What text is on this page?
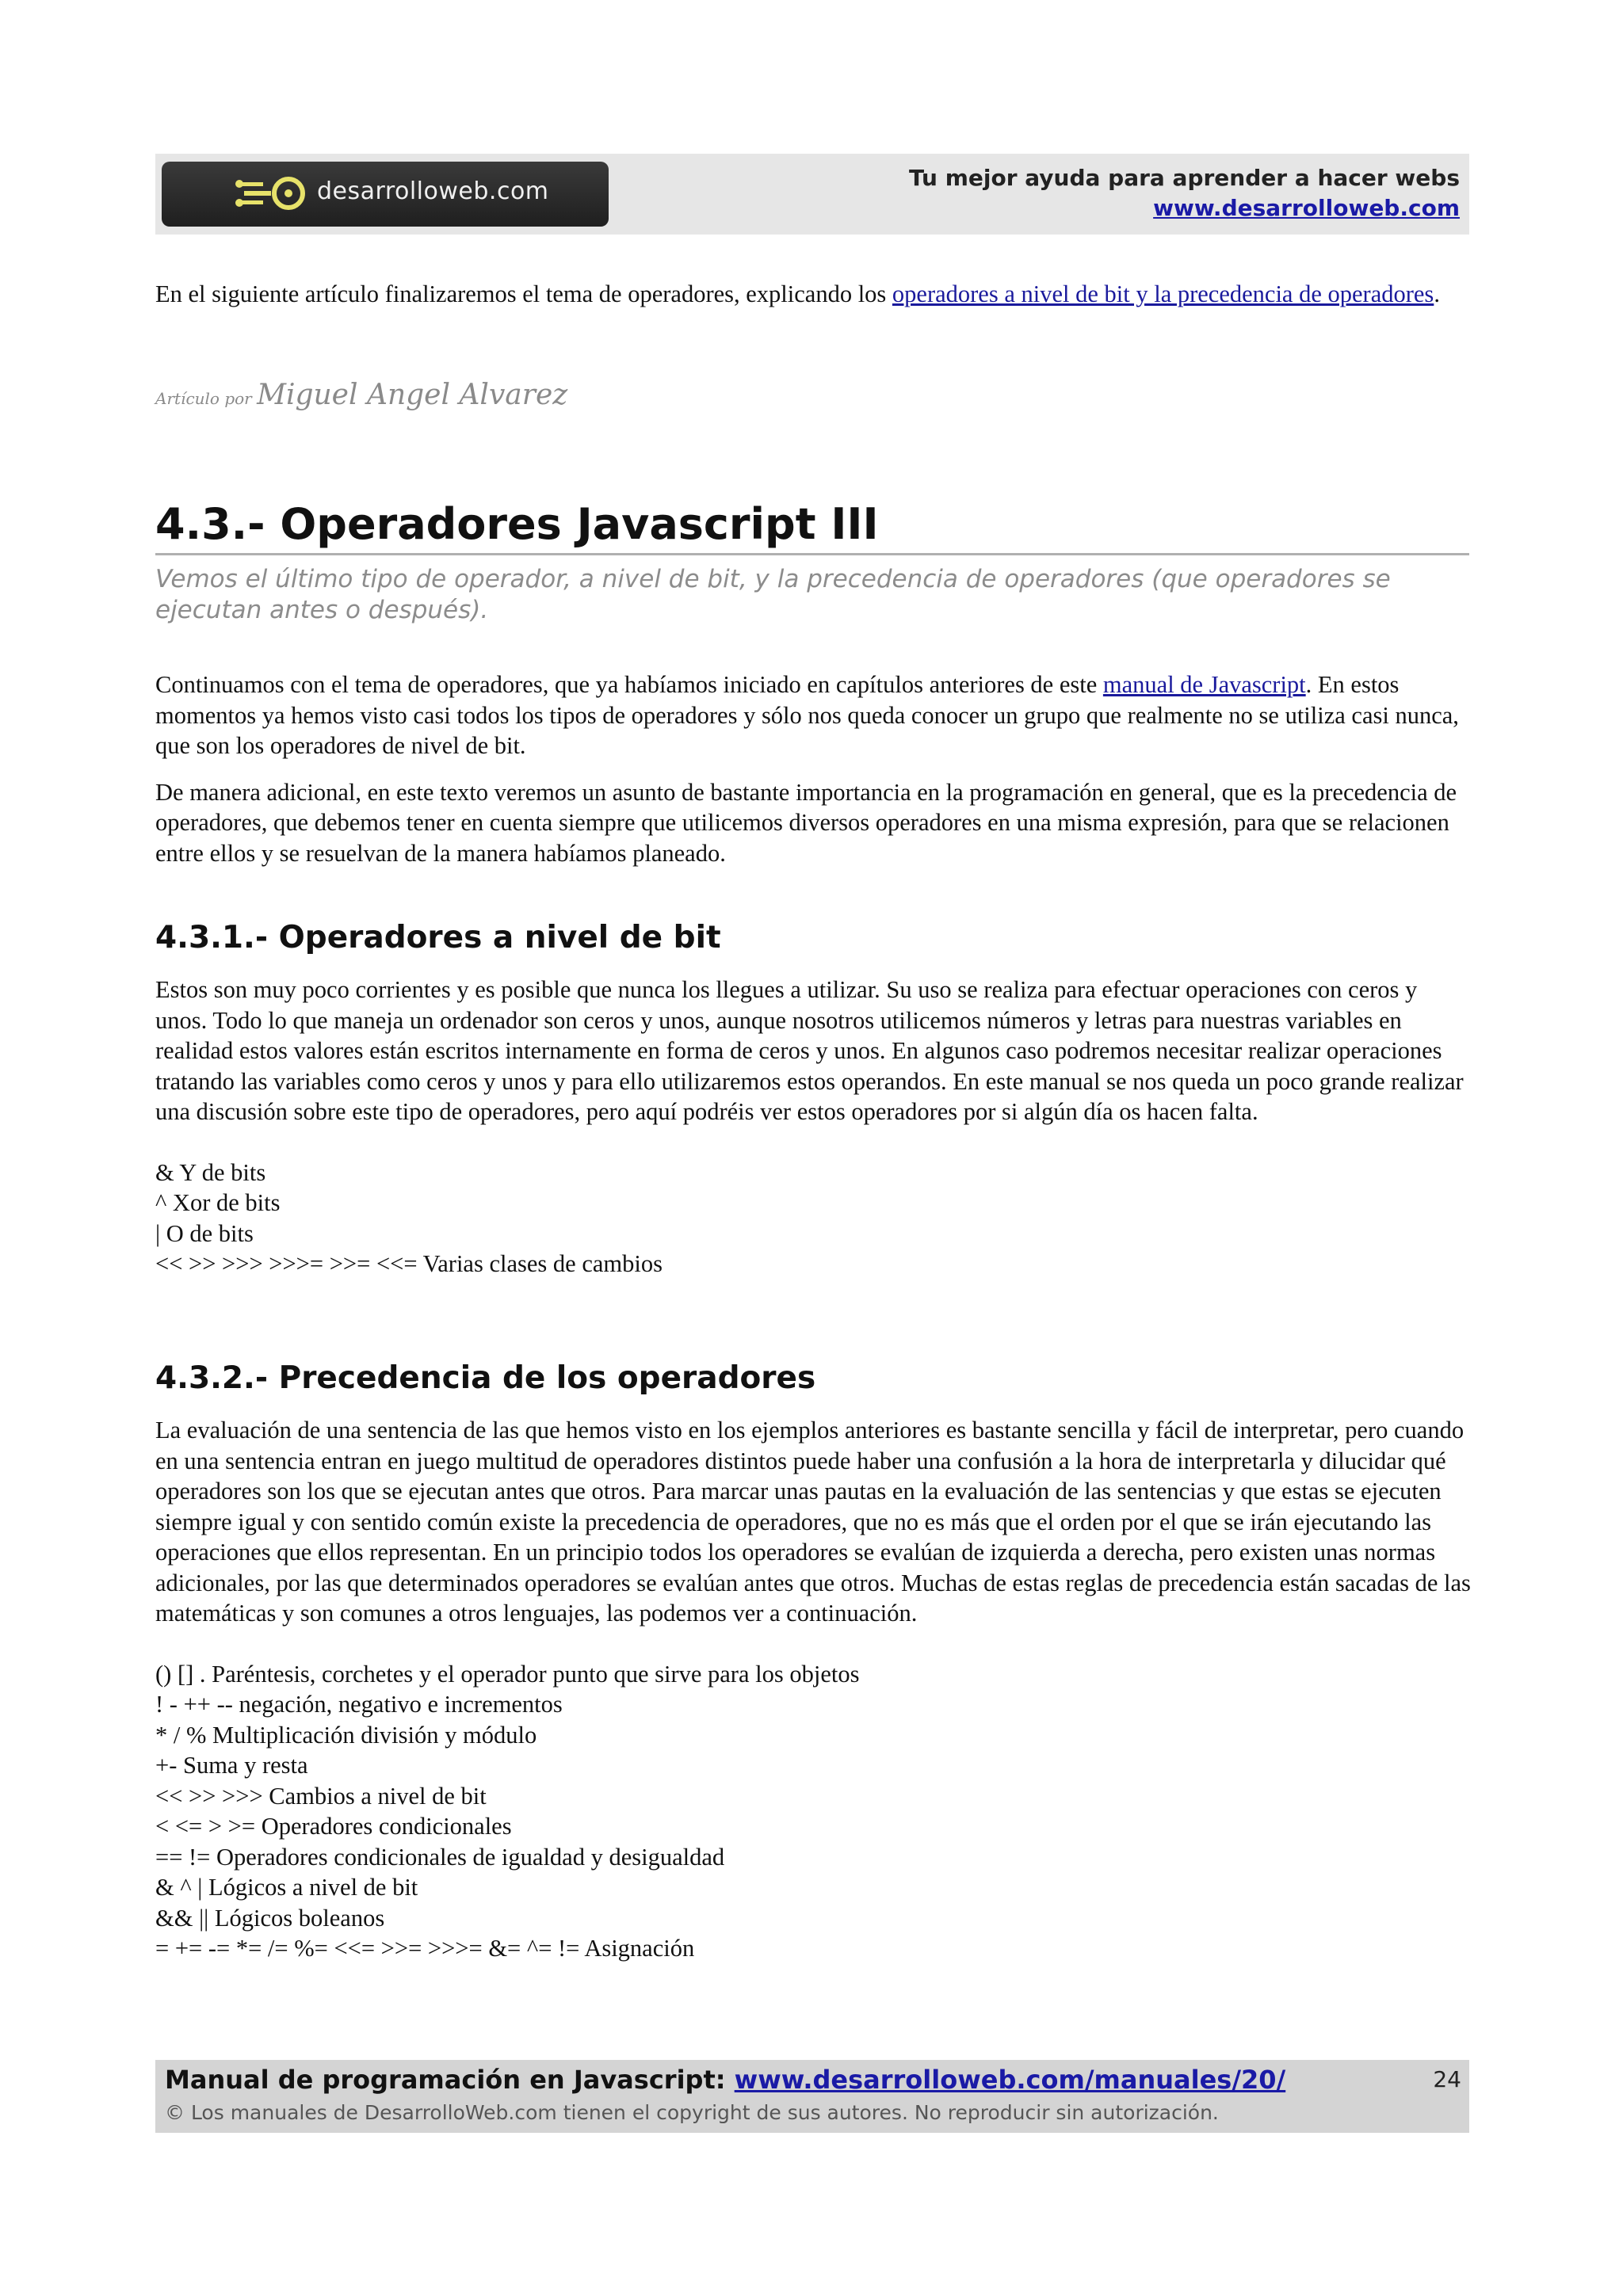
desarrolloweb.com	Tu mejor ayuda para aprender a hacer webs
www.desarrolloweb.com

En el siguiente artículo finalizaremos el tema de operadores, explicando los operadores a nivel de bit y la precedencia de operadores.

Artículo por Miguel Angel Alvarez
4.3.- Operadores Javascript III
Vemos el último tipo de operador, a nivel de bit, y la precedencia de operadores (que operadores se ejecutan antes o después).

Continuamos con el tema de operadores, que ya habíamos iniciado en capítulos anteriores de este manual de Javascript. En estos momentos ya hemos visto casi todos los tipos de operadores y sólo nos queda conocer un grupo que realmente no se utiliza casi nunca, que son los operadores de nivel de bit.

De manera adicional, en este texto veremos un asunto de bastante importancia en la programación en general, que es la precedencia de operadores, que debemos tener en cuenta siempre que utilicemos diversos operadores en una misma expresión, para que se relacionen entre ellos y se resuelvan de la manera habíamos planeado.

4.3.1.- Operadores a nivel de bit

Estos son muy poco corrientes y es posible que nunca los llegues a utilizar. Su uso se realiza para efectuar operaciones con ceros y unos. Todo lo que maneja un ordenador son ceros y unos, aunque nosotros utilicemos números y letras para nuestras variables en realidad estos valores están escritos internamente en forma de ceros y unos. En algunos caso podremos necesitar realizar operaciones tratando las variables como ceros y unos y para ello utilizaremos estos operandos. En este manual se nos queda un poco grande realizar una discusión sobre este tipo de operadores, pero aquí podréis ver estos operadores por si algún día os hacen falta.

& Y de bits
^ Xor de bits
| O de bits
<< >> >>> >>>= >>= <<= Varias clases de cambios
4.3.2.- Precedencia de los operadores

La evaluación de una sentencia de las que hemos visto en los ejemplos anteriores es bastante sencilla y fácil de interpretar, pero cuando en una sentencia entran en juego multitud de operadores distintos puede haber una confusión a la hora de interpretarla y dilucidar qué operadores son los que se ejecutan antes que otros. Para marcar unas pautas en la evaluación de las sentencias y que estas se ejecuten siempre igual y con sentido común existe la precedencia de operadores, que no es más que el orden por el que se irán ejecutando las operaciones que ellos representan. En un principio todos los operadores se evalúan de izquierda a derecha, pero existen unas normas adicionales, por las que determinados operadores se evalúan antes que otros. Muchas de estas reglas de precedencia están sacadas de las matemáticas y son comunes a otros lenguajes, las podemos ver a continuación.

() [] . Paréntesis, corchetes y el operador punto que sirve para los objetos
! - ++ -- negación, negativo e incrementos
* / % Multiplicación división y módulo
+- Suma y resta
<< >> >>> Cambios a nivel de bit
< <= > >= Operadores condicionales
== != Operadores condicionales de igualdad y desigualdad
& ^ | Lógicos a nivel de bit
&& || Lógicos boleanos
= += -= *= /= %= <<= >>= >>>= &= ^= != Asignación
Manual de programación en Javascript: www.desarrolloweb.com/manuales/20/
© Los manuales de DesarrolloWeb.com tienen el copyright de sus autores. No reproducir sin autorización.
24
